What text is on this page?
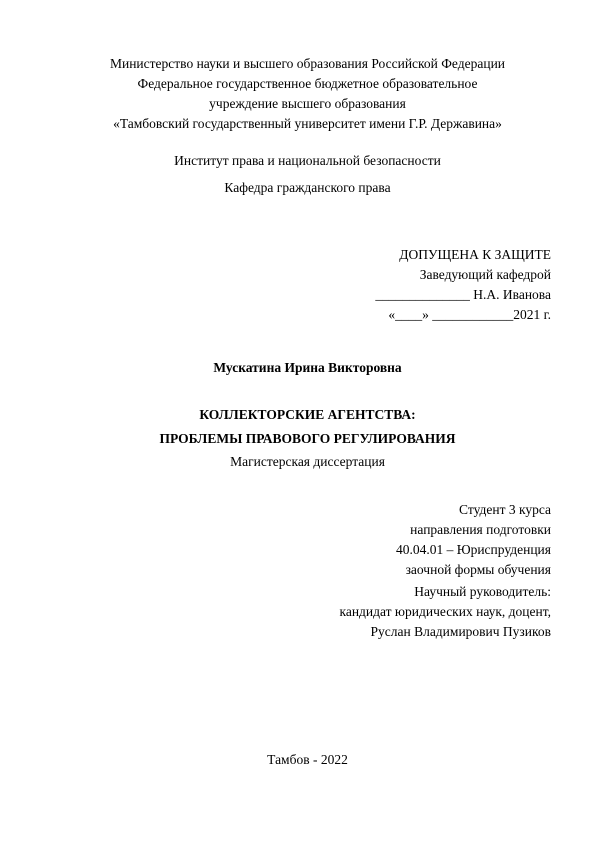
Министерство науки и высшего образования Российской Федерации
Федеральное государственное бюджетное образовательное
учреждение высшего образования
«Тамбовский государственный университет имени Г.Р. Державина»
Институт права и национальной безопасности
Кафедра гражданского права
ДОПУЩЕНА К ЗАЩИТЕ
Заведующий кафедрой
______________ Н.А. Иванова
«____» ____________2021 г.
Мускатина Ирина Викторовна
КОЛЛЕКТОРСКИЕ АГЕНТСТВА:
ПРОБЛЕМЫ ПРАВОВОГО РЕГУЛИРОВАНИЯ
Магистерская диссертация
Студент 3 курса
направления подготовки
40.04.01 – Юриспруденция
заочной формы обучения
Научный руководитель:
кандидат юридических наук, доцент,
Руслан Владимирович Пузиков
Тамбов - 2022
